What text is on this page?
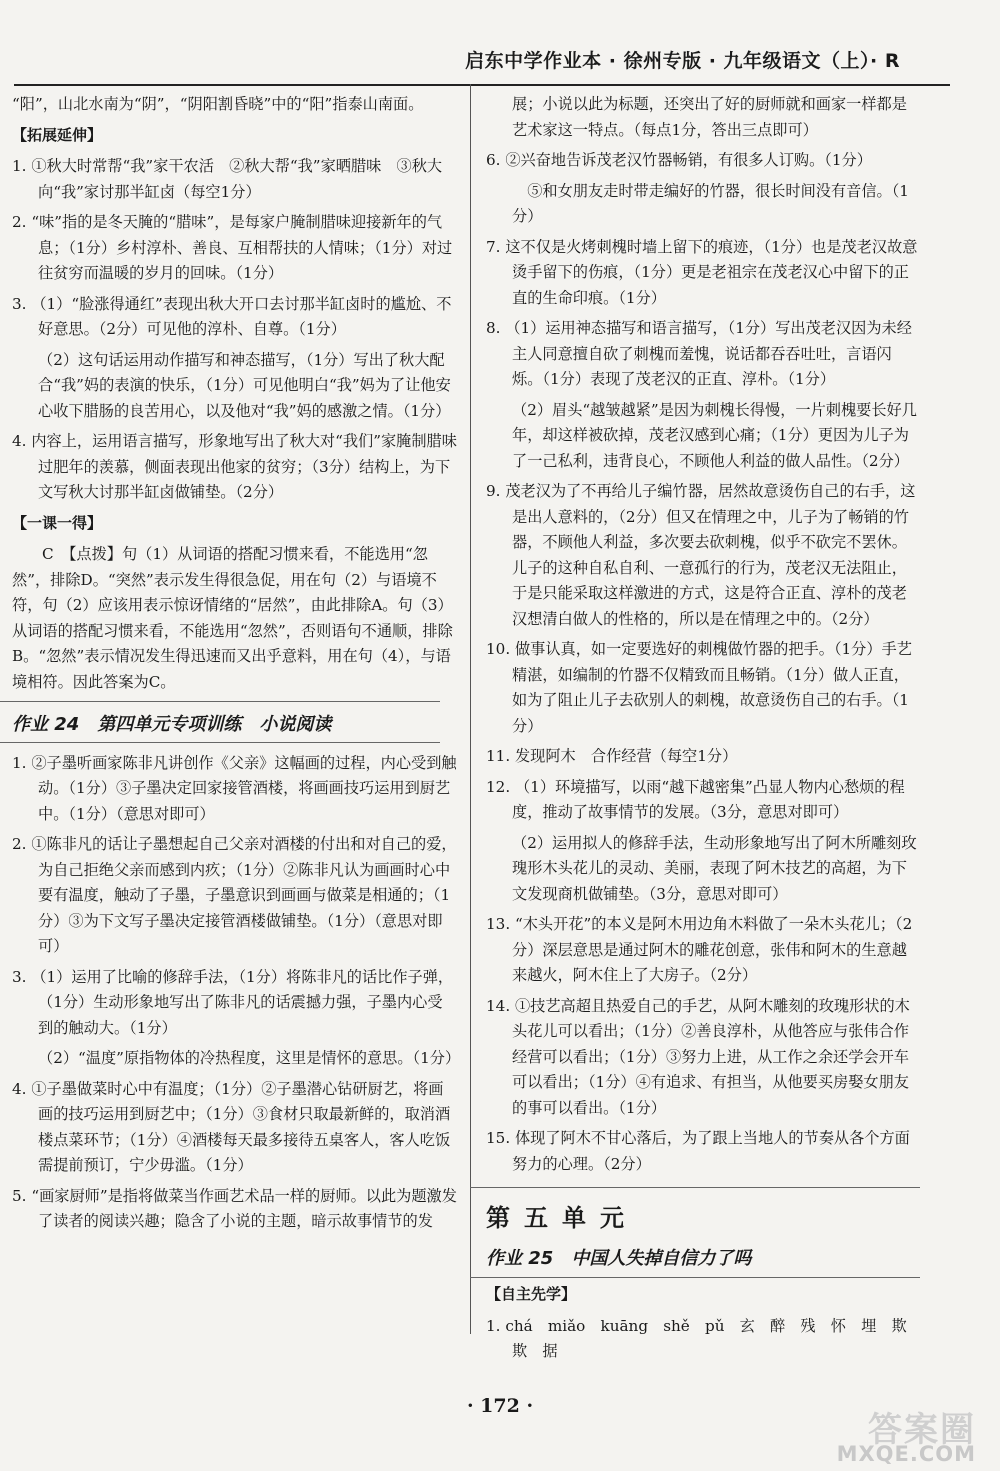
启东中学作业本 · 徐州专版 · 九年级语文（上）· R

“阳”，山北水南为“阴”，“阴阳割昏晓”中的“阳”指泰山南面。

【拓展延伸】

1. ①秋大时常帮“我”家干农活　②秋大帮“我”家晒腊味　③秋大向“我”家讨那半缸卤（每空1分）

2. “味”指的是冬天腌的“腊味”，是每家户腌制腊味迎接新年的气息；（1分）乡村淳朴、善良、互相帮扶的人情味；（1分）对过往贫穷而温暖的岁月的回味。（1分）

3. （1）“脸涨得通红”表现出秋大开口去讨那半缸卤时的尴尬、不好意思。（2分）可见他的淳朴、自尊。（1分）

（2）这句话运用动作描写和神态描写，（1分）写出了秋大配合“我”妈的表演的快乐，（1分）可见他明白“我”妈为了让他安心收下腊肠的良苦用心，以及他对“我”妈的感激之情。（1分）

4. 内容上，运用语言描写，形象地写出了秋大对“我们”家腌制腊味过肥年的羡慕，侧面表现出他家的贫穷；（3分）结构上，为下文写秋大讨那半缸卤做铺垫。（2分）

【一课一得】

C　【点拨】句（1）从词语的搭配习惯来看，不能选用“忽然”，排除D。“突然”表示发生得很急促，用在句（2）与语境不符，句（2）应该用表示惊讶情绪的“居然”，由此排除A。句（3）从词语的搭配习惯来看，不能选用“忽然”，否则语句不通顺，排除B。“忽然”表示情况发生得迅速而又出乎意料，用在句（4），与语境相符。因此答案为C。

作业 24　第四单元专项训练　小说阅读

1. ②子墨听画家陈非凡讲创作《父亲》这幅画的过程，内心受到触动。（1分）③子墨决定回家接管酒楼，将画画技巧运用到厨艺中。（1分）（意思对即可）

2. ①陈非凡的话让子墨想起自己父亲对酒楼的付出和对自己的爱，为自己拒绝父亲而感到内疚；（1分）②陈非凡认为画画时心中要有温度，触动了子墨，子墨意识到画画与做菜是相通的；（1分）③为下文写子墨决定接管酒楼做铺垫。（1分）（意思对即可）

3. （1）运用了比喻的修辞手法，（1分）将陈非凡的话比作子弹，（1分）生动形象地写出了陈非凡的话震撼力强，子墨内心受到的触动大。（1分）

（2）“温度”原指物体的冷热程度，这里是情怀的意思。（1分）

4. ①子墨做菜时心中有温度；（1分）②子墨潜心钻研厨艺，将画画的技巧运用到厨艺中；（1分）③食材只取最新鲜的，取消酒楼点菜环节；（1分）④酒楼每天最多接待五桌客人，客人吃饭需提前预订，宁少毋滥。（1分）

5. “画家厨师”是指将做菜当作画艺术品一样的厨师。以此为题激发了读者的阅读兴趣；隐含了小说的主题，暗示故事情节的发

展；小说以此为标题，还突出了好的厨师就和画家一样都是艺术家这一特点。（每点1分，答出三点即可）

6. ②兴奋地告诉茂老汉竹器畅销，有很多人订购。（1分）

　⑤和女朋友走时带走编好的竹器，很长时间没有音信。（1分）

7. 这不仅是火烤刺槐时墙上留下的痕迹，（1分）也是茂老汉故意烫手留下的伤痕，（1分）更是老祖宗在茂老汉心中留下的正直的生命印痕。（1分）

8. （1）运用神态描写和语言描写，（1分）写出茂老汉因为未经主人同意擅自砍了刺槐而羞愧，说话都吞吞吐吐，言语闪烁。（1分）表现了茂老汉的正直、淳朴。（1分）

（2）眉头“越皱越紧”是因为刺槐长得慢，一片刺槐要长好几年，却这样被砍掉，茂老汉感到心痛；（1分）更因为儿子为了一己私利，违背良心，不顾他人利益的做人品性。（2分）

9. 茂老汉为了不再给儿子编竹器，居然故意烫伤自己的右手，这是出人意料的，（2分）但又在情理之中，儿子为了畅销的竹器，不顾他人利益，多次要去砍刺槐，似乎不砍完不罢休。儿子的这种自私自利、一意孤行的行为，茂老汉无法阻止，于是只能采取这样激进的方式，这是符合正直、淳朴的茂老汉想清白做人的性格的，所以是在情理之中的。（2分）

10. 做事认真，如一定要选好的刺槐做竹器的把手。（1分）手艺精湛，如编制的竹器不仅精致而且畅销。（1分）做人正直，如为了阻止儿子去砍别人的刺槐，故意烫伤自己的右手。（1分）

11. 发现阿木　合作经营（每空1分）

12. （1）环境描写，以雨“越下越密集”凸显人物内心愁烦的程度，推动了故事情节的发展。（3分，意思对即可）

（2）运用拟人的修辞手法，生动形象地写出了阿木所雕刻玫瑰形木头花儿的灵动、美丽，表现了阿木技艺的高超，为下文发现商机做铺垫。（3分，意思对即可）

13. “木头开花”的本义是阿木用边角木料做了一朵木头花儿；（2分）深层意思是通过阿木的雕花创意，张伟和阿木的生意越来越火，阿木住上了大房子。（2分）

14. ①技艺高超且热爱自己的手艺，从阿木雕刻的玫瑰形状的木头花儿可以看出；（1分）②善良淳朴，从他答应与张伟合作经营可以看出；（1分）③努力上进，从工作之余还学会开车可以看出；（1分）④有追求、有担当，从他要买房娶女朋友的事可以看出。（1分）

15. 体现了阿木不甘心落后，为了跟上当地人的节奏从各个方面努力的心理。（2分）

第五单元
作业 25　中国人失掉自信力了吗
【自主先学】

1. chá　miǎo　kuāng　shě　pǔ　玄　醉　残　怀　埋　欺欺　据

· 172 ·
答案圈
MXQE.COM
